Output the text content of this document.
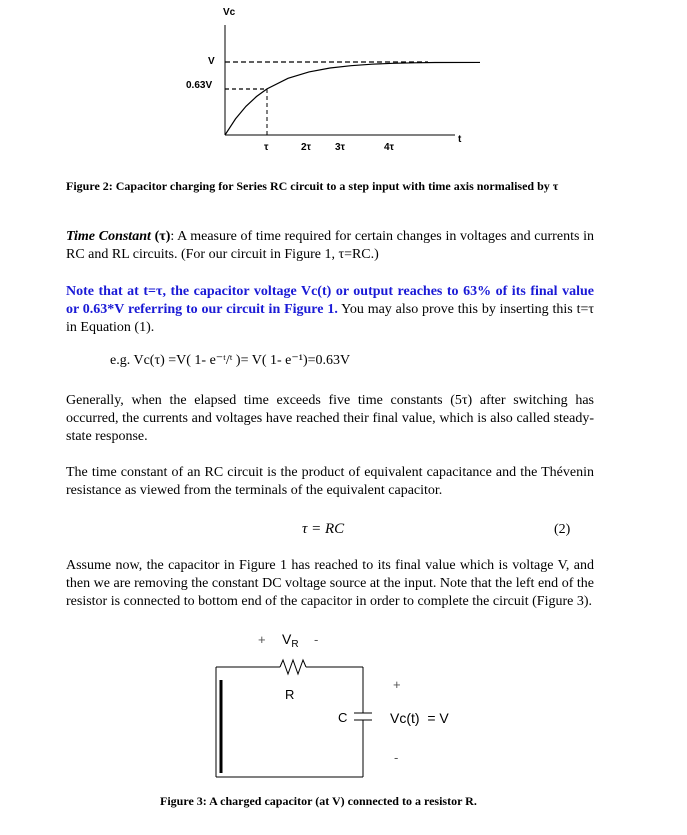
Vc
V
0.63V
τ	2τ 3τ	4τ
t
Figure 2: Capacitor charging for Series RC circuit to a step input with time axis normalised by τ
Time Constant (τ): A measure of time required for certain changes in voltages and currents in RC and RL circuits. (For our circuit in Figure 1, τ=RC.)
Note that at t=τ, the capacitor voltage Vc(t) or output reaches to 63% of its final value or 0.63*V referring to our circuit in Figure 1. You may also prove this by inserting this t=τ in Equation (1).
e.g. Vc(τ) =V( 1- e⁻ᵗ/ᵗ )= V( 1- e⁻¹)=0.63V
Generally, when the elapsed time exceeds five time constants (5τ) after switching has occurred, the currents and voltages have reached their final value, which is also called steady-state response.
The time constant of an RC circuit is the product of equivalent capacitance and the Thévenin resistance as viewed from the terminals of the equivalent capacitor.
τ = RC	(2)
Assume now, the capacitor in Figure 1 has reached to its final value which is voltage V, and then we are removing the constant DC voltage source at the input. Note that the left end of the resistor is connected to bottom end of the capacitor in order to complete the circuit (Figure 3).
+ $V_R$ -
R
C
+
Vc(t)  = V
-
Figure 3: A charged capacitor (at V) connected to a resistor R.
